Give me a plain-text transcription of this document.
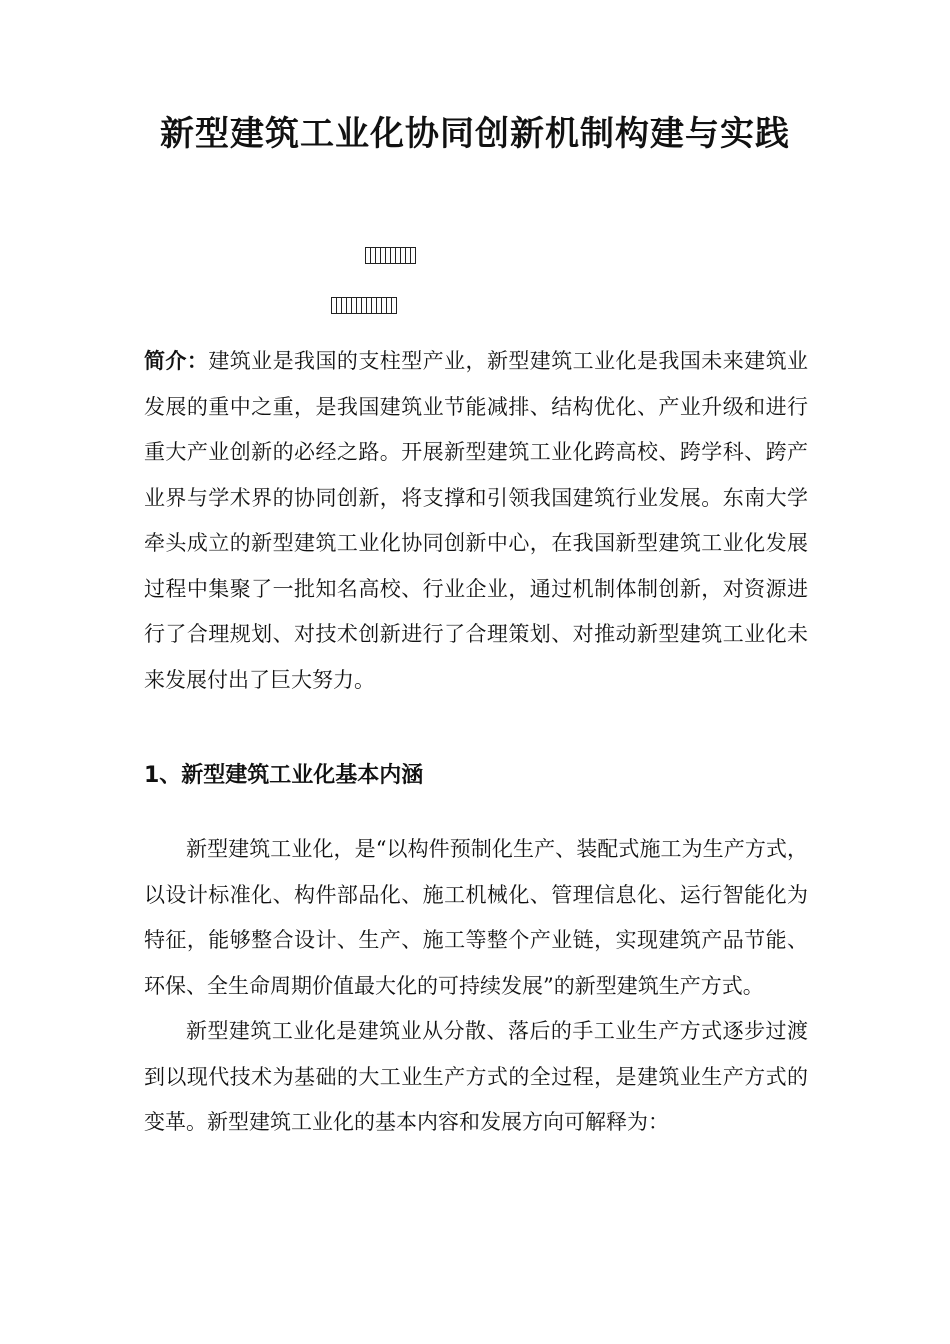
新型建筑工业化协同创新机制构建与实践

简介：建筑业是我国的支柱型产业，新型建筑工业化是我国未来建筑业发展的重中之重，是我国建筑业节能减排、结构优化、产业升级和进行重大产业创新的必经之路。开展新型建筑工业化跨高校、跨学科、跨产业界与学术界的协同创新，将支撑和引领我国建筑行业发展。东南大学牵头成立的新型建筑工业化协同创新中心，在我国新型建筑工业化发展过程中集聚了一批知名高校、行业企业，通过机制体制创新，对资源进行了合理规划、对技术创新进行了合理策划、对推动新型建筑工业化未来发展付出了巨大努力。

1、新型建筑工业化基本内涵

新型建筑工业化，是“以构件预制化生产、装配式施工为生产方式，以设计标准化、构件部品化、施工机械化、管理信息化、运行智能化为特征，能够整合设计、生产、施工等整个产业链，实现建筑产品节能、环保、全生命周期价值最大化的可持续发展”的新型建筑生产方式。

新型建筑工业化是建筑业从分散、落后的手工业生产方式逐步过渡到以现代技术为基础的大工业生产方式的全过程，是建筑业生产方式的变革。新型建筑工业化的基本内容和发展方向可解释为：
